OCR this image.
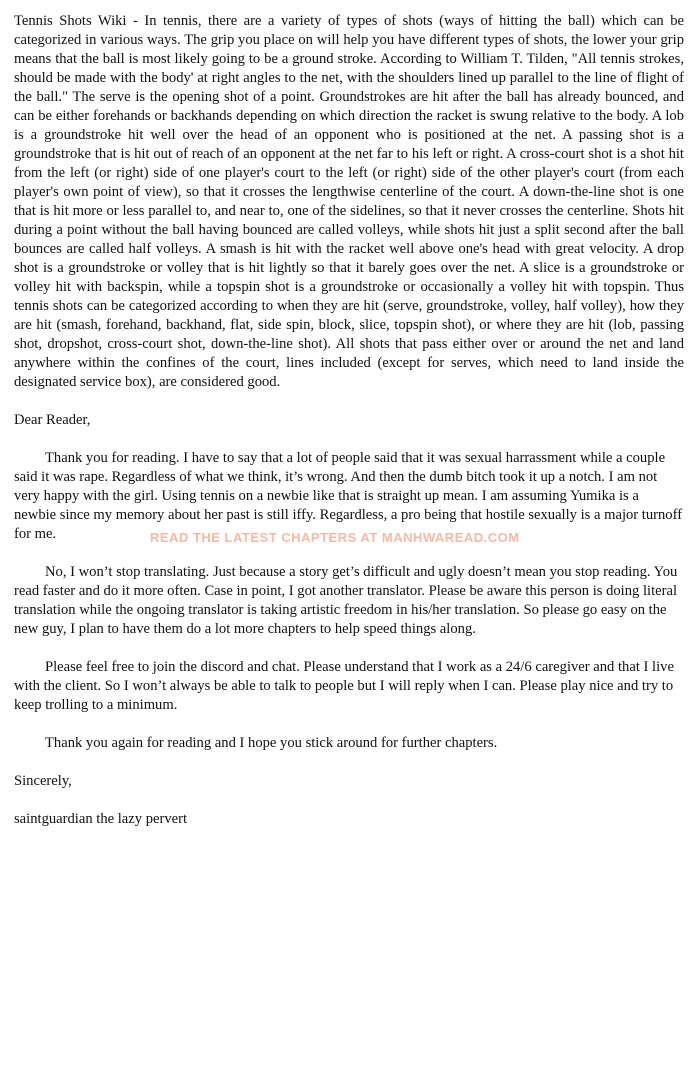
Tennis Shots Wiki - In tennis, there are a variety of types of shots (ways of hitting the ball) which can be categorized in various ways. The grip you place on will help you have different types of shots, the lower your grip means that the ball is most likely going to be a ground stroke. According to William T. Tilden, "All tennis strokes, should be made with the body' at right angles to the net, with the shoulders lined up parallel to the line of flight of the ball." The serve is the opening shot of a point. Groundstrokes are hit after the ball has already bounced, and can be either forehands or backhands depending on which direction the racket is swung relative to the body. A lob is a groundstroke hit well over the head of an opponent who is positioned at the net. A passing shot is a groundstroke that is hit out of reach of an opponent at the net far to his left or right. A cross-court shot is a shot hit from the left (or right) side of one player's court to the left (or right) side of the other player's court (from each player's own point of view), so that it crosses the lengthwise centerline of the court. A down-the-line shot is one that is hit more or less parallel to, and near to, one of the sidelines, so that it never crosses the centerline. Shots hit during a point without the ball having bounced are called volleys, while shots hit just a split second after the ball bounces are called half volleys. A smash is hit with the racket well above one's head with great velocity. A drop shot is a groundstroke or volley that is hit lightly so that it barely goes over the net. A slice is a groundstroke or volley hit with backspin, while a topspin shot is a groundstroke or occasionally a volley hit with topspin. Thus tennis shots can be categorized according to when they are hit (serve, groundstroke, volley, half volley), how they are hit (smash, forehand, backhand, flat, side spin, block, slice, topspin shot), or where they are hit (lob, passing shot, dropshot, cross-court shot, down-the-line shot). All shots that pass either over or around the net and land anywhere within the confines of the court, lines included (except for serves, which need to land inside the designated service box), are considered good.

Dear Reader,

Thank you for reading. I have to say that a lot of people said that it was sexual harrassment while a couple said it was rape. Regardless of what we think, it’s wrong. And then the dumb bitch took it up a notch. I am not very happy with the girl. Using tennis on a newbie like that is straight up mean. I am assuming Yumika is a newbie since my memory about her past is still iffy. Regardless, a pro being that hostile sexually is a major turnoff for me.

No, I won’t stop translating. Just because a story get’s difficult and ugly doesn’t mean you stop reading. You read faster and do it more often. Case in point, I got another translator. Please be aware this person is doing literal translation while the ongoing translator is taking artistic freedom in his/her translation. So please go easy on the new guy, I plan to have them do a lot more chapters to help speed things along.

Please feel free to join the discord and chat. Please understand that I work as a 24/6 caregiver and that I live with the client. So I won’t always be able to talk to people but I will reply when I can. Please play nice and try to keep trolling to a minimum.

Thank you again for reading and I hope you stick around for further chapters.

Sincerely,

saintguardian the lazy pervert

READ THE LATEST CHAPTERS AT MANHWAREAD.COM
